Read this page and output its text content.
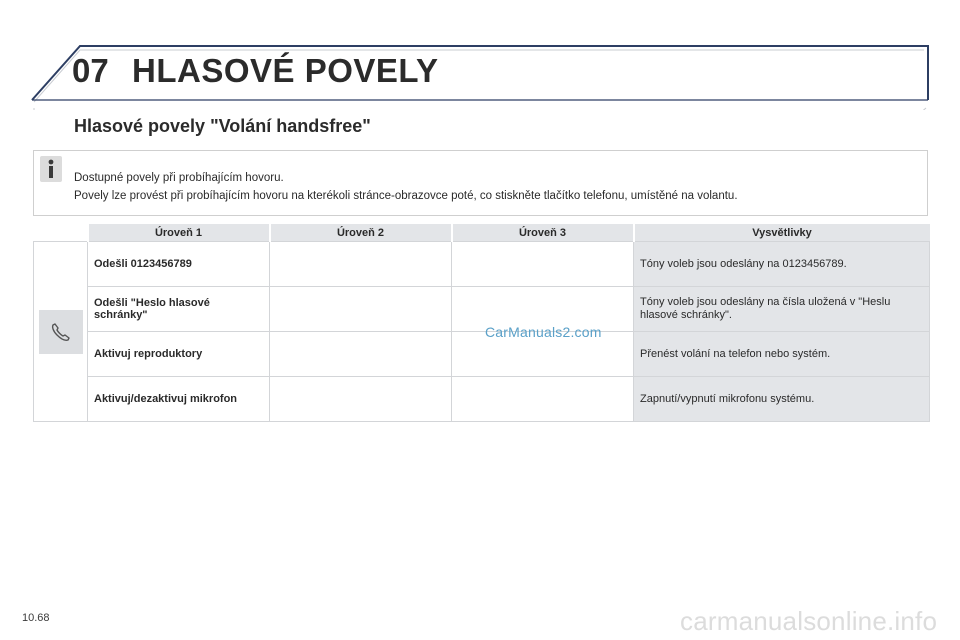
07 HLASOVÉ POVELY
Hlasové povely "Volání handsfree"
Dostupné povely při probíhajícím hovoru.
Povely lze provést při probíhajícím hovoru na kterékoli stránce-obrazovce poté, co stiskněte tlačítko telefonu, umístěné na volantu.
	Úroveň 1	Úroveň 2	Úroveň 3	Vysvětlivky

	Odešli 0123456789			Tóny voleb jsou odeslány na 0123456789.
	Odešli "Heslo hlasové schránky"			Tóny voleb jsou odeslány na čísla uložená v "Heslu hlasové schránky".
	Aktivuj reproduktory			Přenést volání na telefon nebo systém.
	Aktivuj/dezaktivuj mikrofon			Zapnutí/vypnutí mikrofonu systému.
CarManuals2.com
10.68	carmanualsonline.info
